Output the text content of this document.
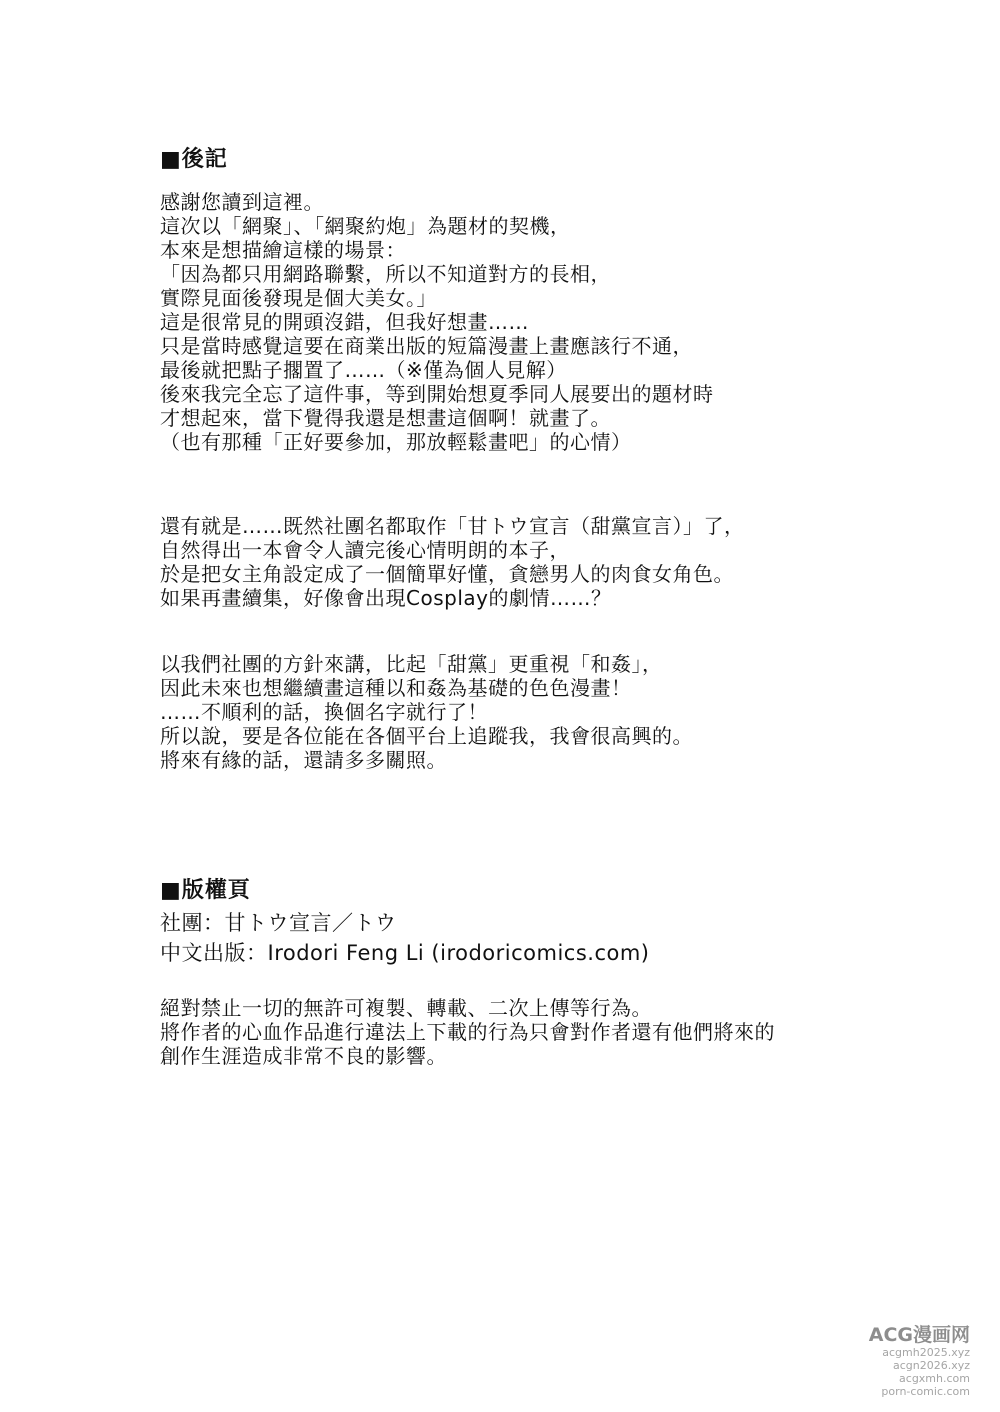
■後記
感謝您讀到這裡。
這次以「網聚」、「網聚約炮」為題材的契機，
本來是想描繪這樣的場景：
「因為都只用網路聯繫，所以不知道對方的長相，
實際見面後發現是個大美女。」
這是很常見的開頭沒錯，但我好想畫……
只是當時感覺這要在商業出版的短篇漫畫上畫應該行不通，
最後就把點子擱置了……（※僅為個人見解）
後來我完全忘了這件事，等到開始想夏季同人展要出的題材時
才想起來，當下覺得我還是想畫這個啊！就畫了。
（也有那種「正好要參加，那放輕鬆畫吧」的心情）
還有就是……既然社團名都取作「甘トウ宣言（甜黨宣言）」了，
自然得出一本會令人讀完後心情明朗的本子，
於是把女主角設定成了一個簡單好懂，貪戀男人的肉食女角色。
如果再畫續集，好像會出現Cosplay的劇情……？
以我們社團的方針來講，比起「甜黨」更重視「和姦」，
因此未來也想繼續畫這種以和姦為基礎的色色漫畫！
……不順利的話，換個名字就行了！
所以說，要是各位能在各個平台上追蹤我，我會很高興的。
將來有緣的話，還請多多關照。
■版權頁
社團：甘トウ宣言／トウ
中文出版：Irodori Feng Li (irodoricomics.com)
絕對禁止一切的無許可複製、轉載、二次上傳等行為。
將作者的心血作品進行違法上下載的行為只會對作者還有他們將來的
創作生涯造成非常不良的影響。
ACG漫画网
acgmh2025.xyz
acgn2026.xyz
acgxmh.com
porn-comic.com
